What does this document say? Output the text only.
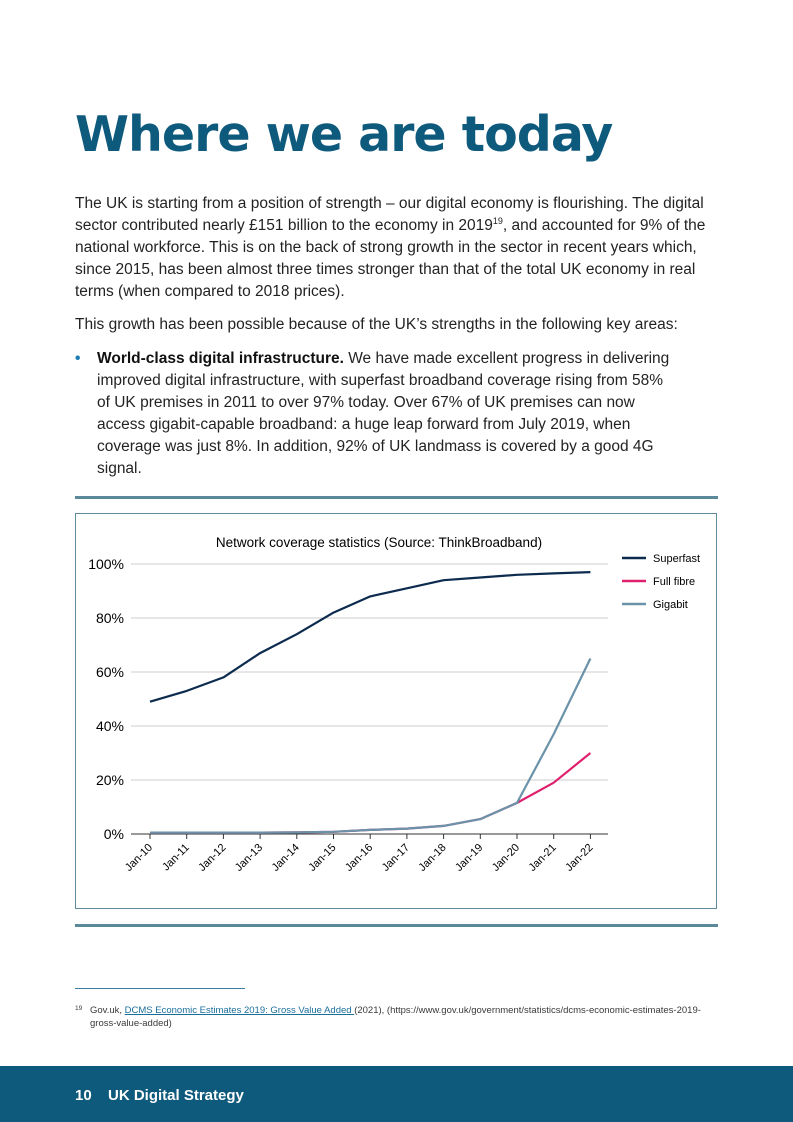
Where we are today

The UK is starting from a position of strength – our digital economy is flourishing. The digital sector contributed nearly £151 billion to the economy in 2019$^{19}$, and accounted for 9% of the national workforce. This is on the back of strong growth in the sector in recent years which, since 2015, has been almost three times stronger than that of the total UK economy in real terms (when compared to 2018 prices).

This growth has been possible because of the UK’s strengths in the following key areas:

• World-class digital infrastructure. We have made excellent progress in delivering improved digital infrastructure, with superfast broadband coverage rising from 58% of UK premises in 2011 to over 97% today. Over 67% of UK premises can now access gigabit-capable broadband: a huge leap forward from July 2019, when coverage was just 8%. In addition, 92% of UK landmass is covered by a good 4G signal.
Network coverage statistics (Source: ThinkBroadband)
0%
20%
40%
60%
80%
100%
Jan-10 Jan-11 Jan-12 Jan-13 Jan-14 Jan-15 Jan-16 Jan-17 Jan-18 Jan-19 Jan-20 Jan-21 Jan-22
Superfast
Full fibre
Gigabit
19 Gov.uk, DCMS Economic Estimates 2019: Gross Value Added (2021), (https://www.gov.uk/government/statistics/dcms-economic-estimates-2019-gross-value-added)
10 UK Digital Strategy
